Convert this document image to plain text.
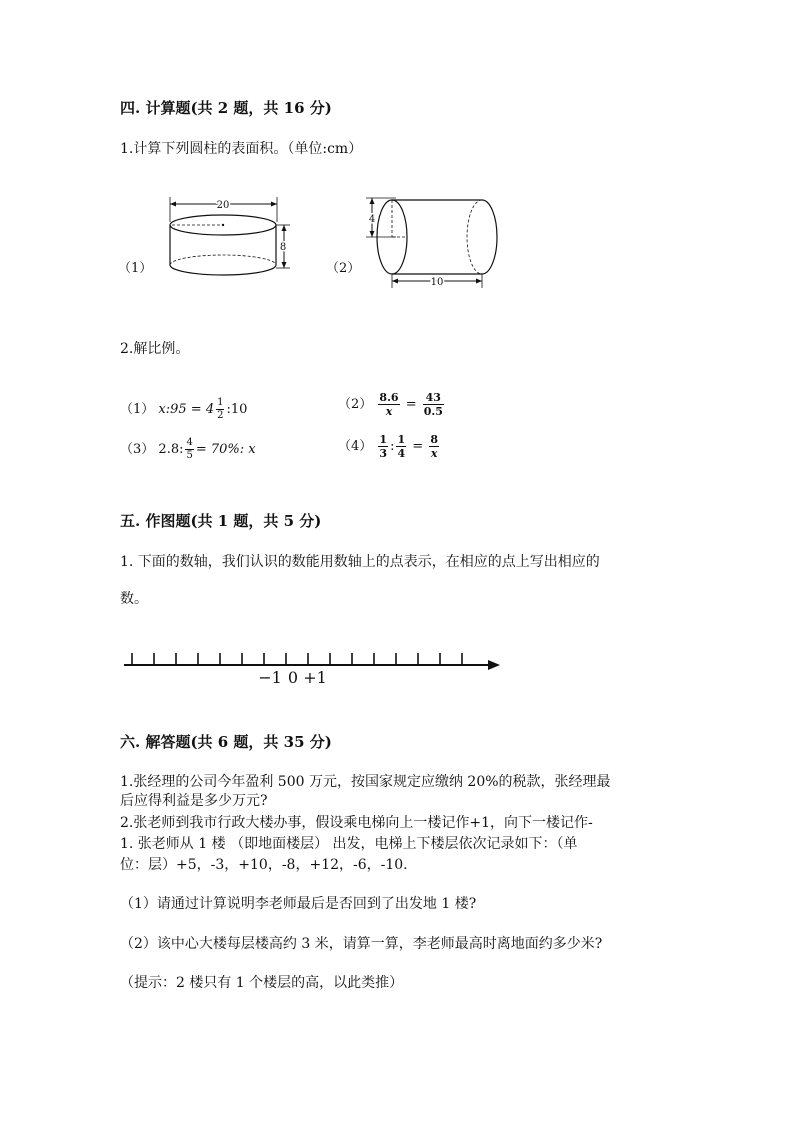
四. 计算题(共 2 题，共 16 分)
1.计算下列圆柱的表面积。（单位:cm）
（1）
20
8
（2）
4
10
2.解比例。
（1） x:95 = $4 \frac{1}{2}$ :10	$(2) \frac{8.6}{x} = \frac{43}{0.5}$
（3） 2.8: $\frac{4}{5} = 70\%$: x	$(4) \frac{1}{3}$ : $\frac{1}{4} = \frac{8}{x}$
五. 作图题(共 1 题，共 5 分)
1. 下面的数轴，我们认识的数能用数轴上的点表示，在相应的点上写出相应的
数。
−1 0 +1
六. 解答题(共 6 题，共 35 分)
1.张经理的公司今年盈利 500 万元，按国家规定应缴纳 20%的税款，张经理最
后应得利益是多少万元?
2.张老师到我市行政大楼办事，假设乘电梯向上一楼记作+1，向下一楼记作-
1. 张老师从 1 楼 （即地面楼层） 出发，电梯上下楼层依次记录如下：（单
位：层）+5，-3，+10，-8，+12，-6，-10.
（1）请通过计算说明李老师最后是否回到了出发地 1 楼?
（2）该中心大楼每层楼高约 3 米，请算一算，李老师最高时离地面约多少米?
（提示：2 楼只有 1 个楼层的高，以此类推）
